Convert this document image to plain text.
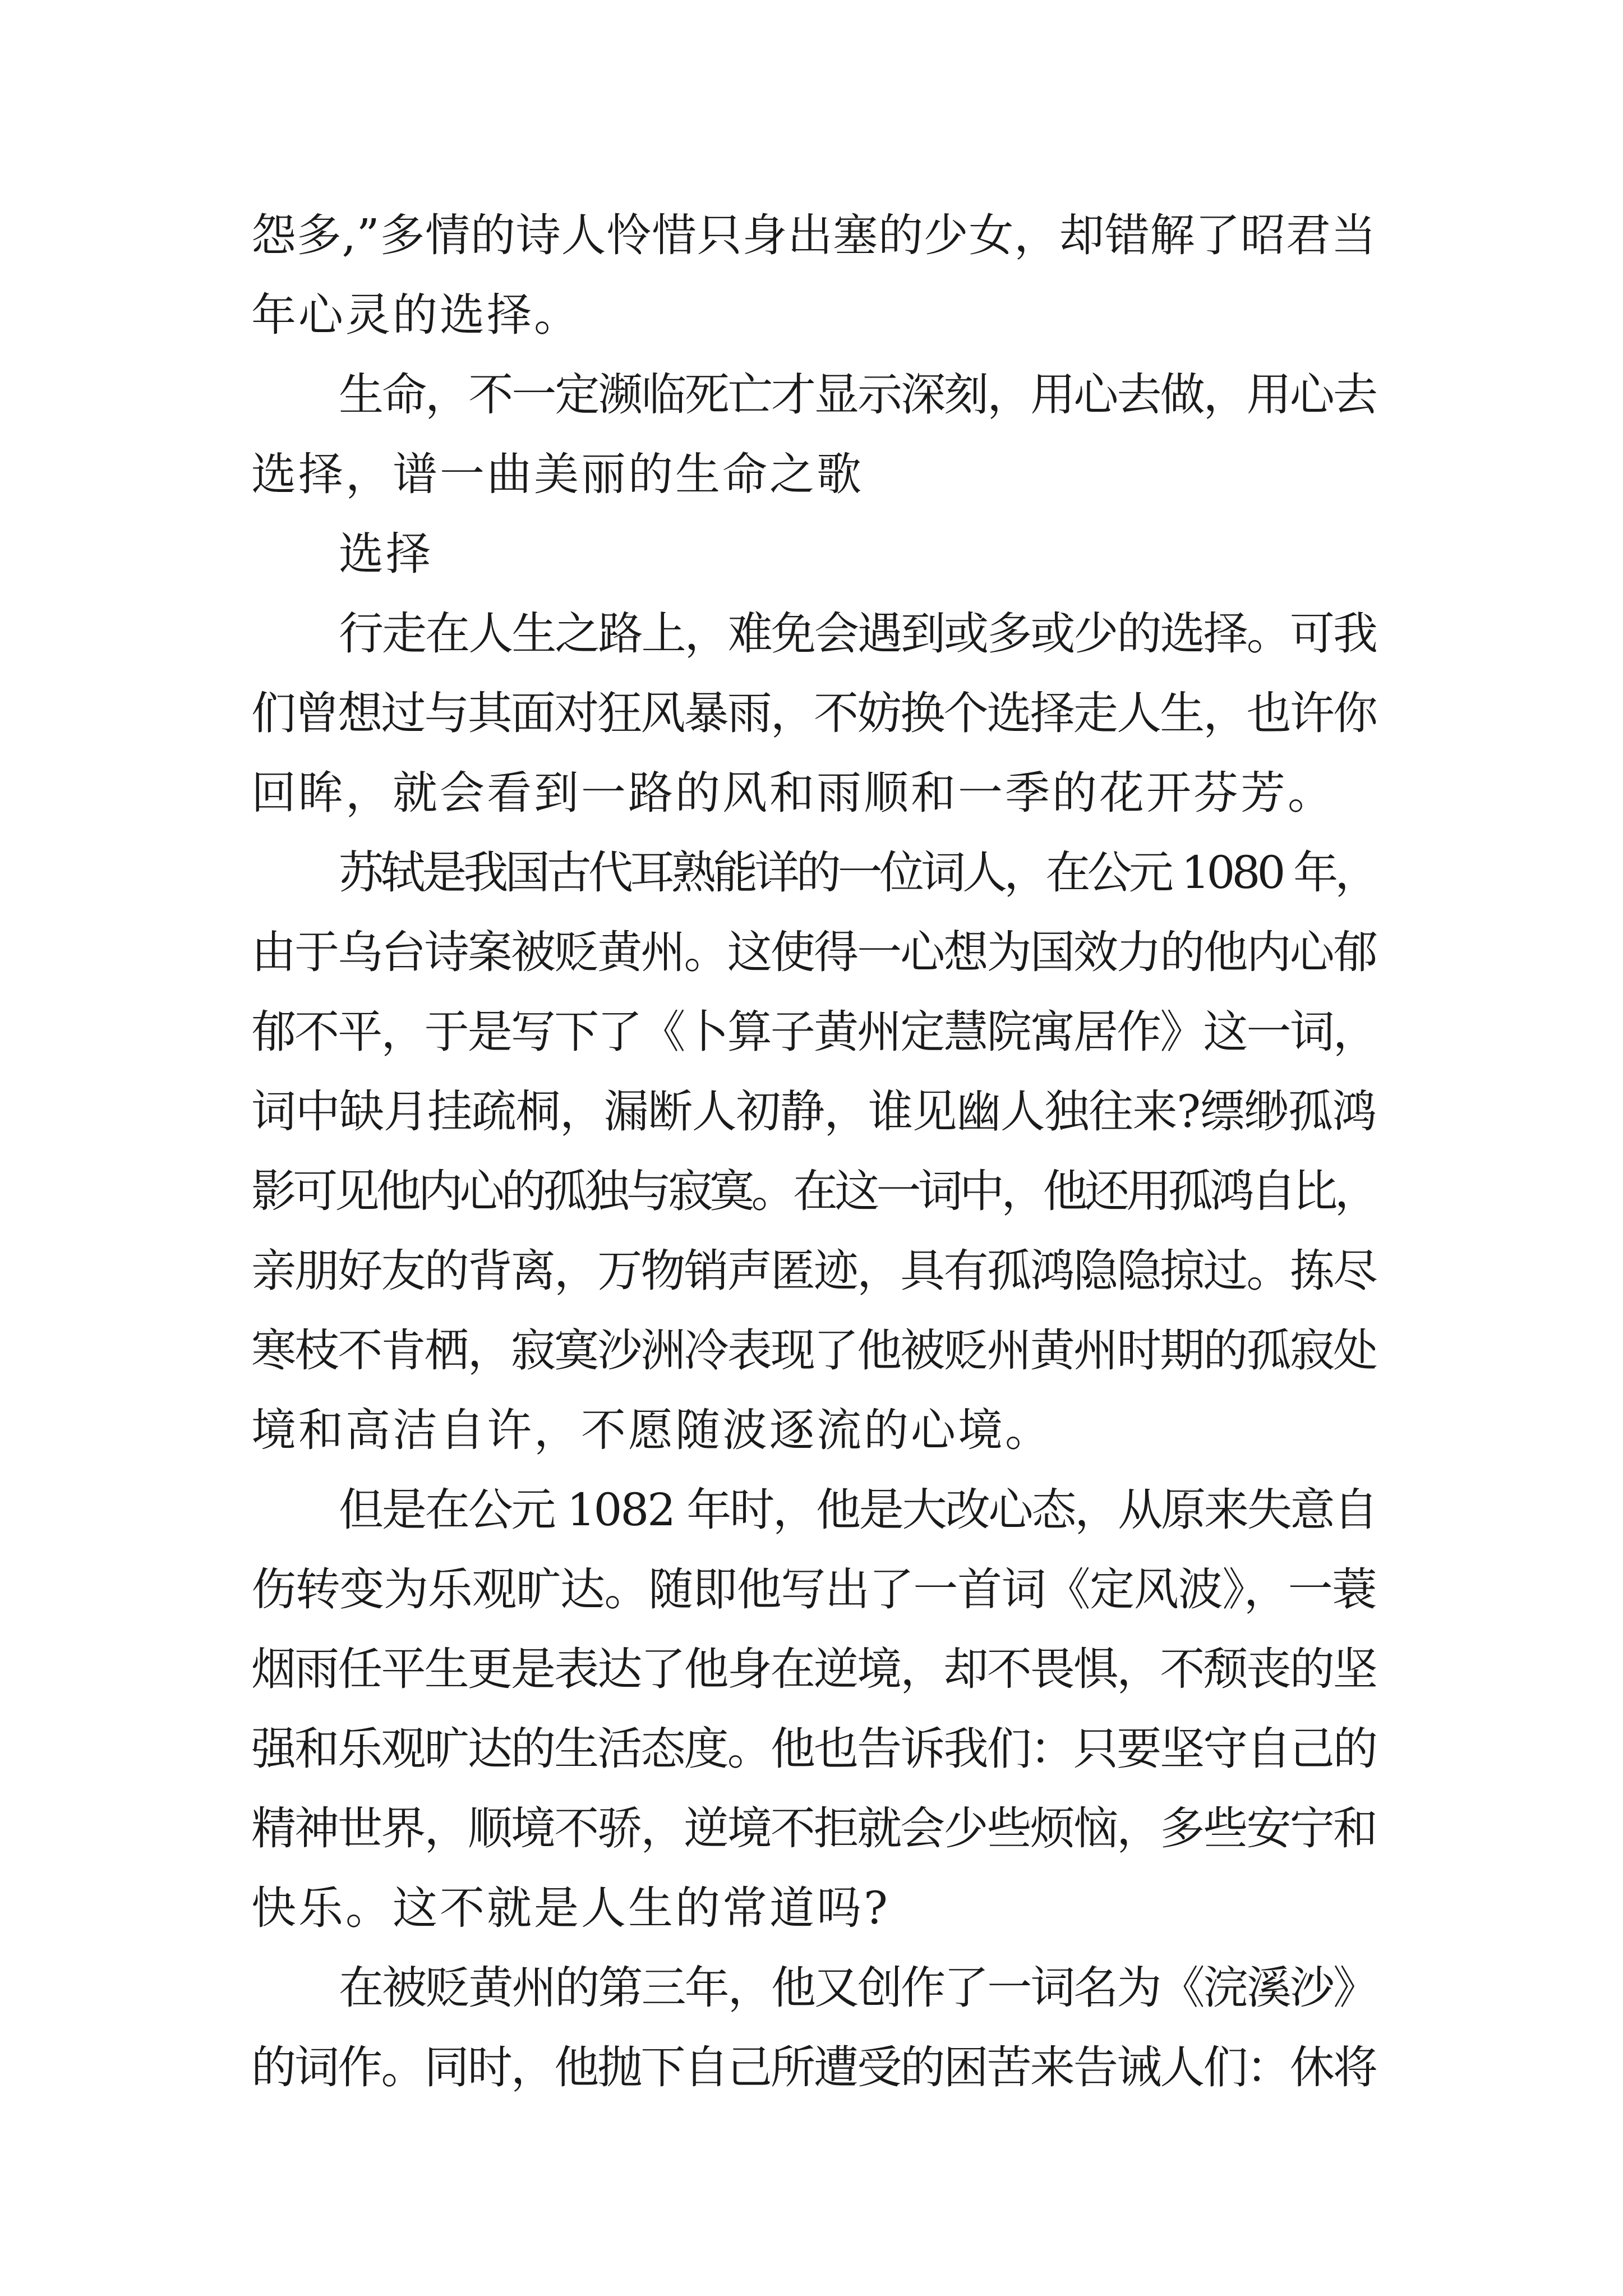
怨多,”多情的诗人怜惜只身出塞的少女，却错解了昭君当
年心灵的选择。
生命，不一定濒临死亡才显示深刻，用心去做，用心去
选择，谱一曲美丽的生命之歌
选择
行走在人生之路上，难免会遇到或多或少的选择。可我
们曾想过与其面对狂风暴雨，不妨换个选择走人生，也许你
回眸，就会看到一路的风和雨顺和一季的花开芬芳。
苏轼是我国古代耳熟能详的一位词人，在公元 1080 年，
由于乌台诗案被贬黄州。这使得一心想为国效力的他内心郁
郁不平，于是写下了《卜算子黄州定慧院寓居作》这一词，
词中缺月挂疏桐，漏断人初静，谁见幽人独往来?缥缈孤鸿
影可见他内心的孤独与寂寞。在这一词中，他还用孤鸿自比，
亲朋好友的背离，万物销声匿迹，具有孤鸿隐隐掠过。拣尽
寒枝不肯栖，寂寞沙洲冷表现了他被贬州黄州时期的孤寂处
境和高洁自许，不愿随波逐流的心境。
但是在公元 1082 年时，他是大改心态，从原来失意自
伤转变为乐观旷达。随即他写出了一首词《定风波》，一蓑
烟雨任平生更是表达了他身在逆境，却不畏惧，不颓丧的坚
强和乐观旷达的生活态度。他也告诉我们：只要坚守自己的
精神世界，顺境不骄，逆境不拒就会少些烦恼，多些安宁和
快乐。这不就是人生的常道吗?
在被贬黄州的第三年，他又创作了一词名为《浣溪沙》
的词作。同时，他抛下自己所遭受的困苦来告诫人们：休将
